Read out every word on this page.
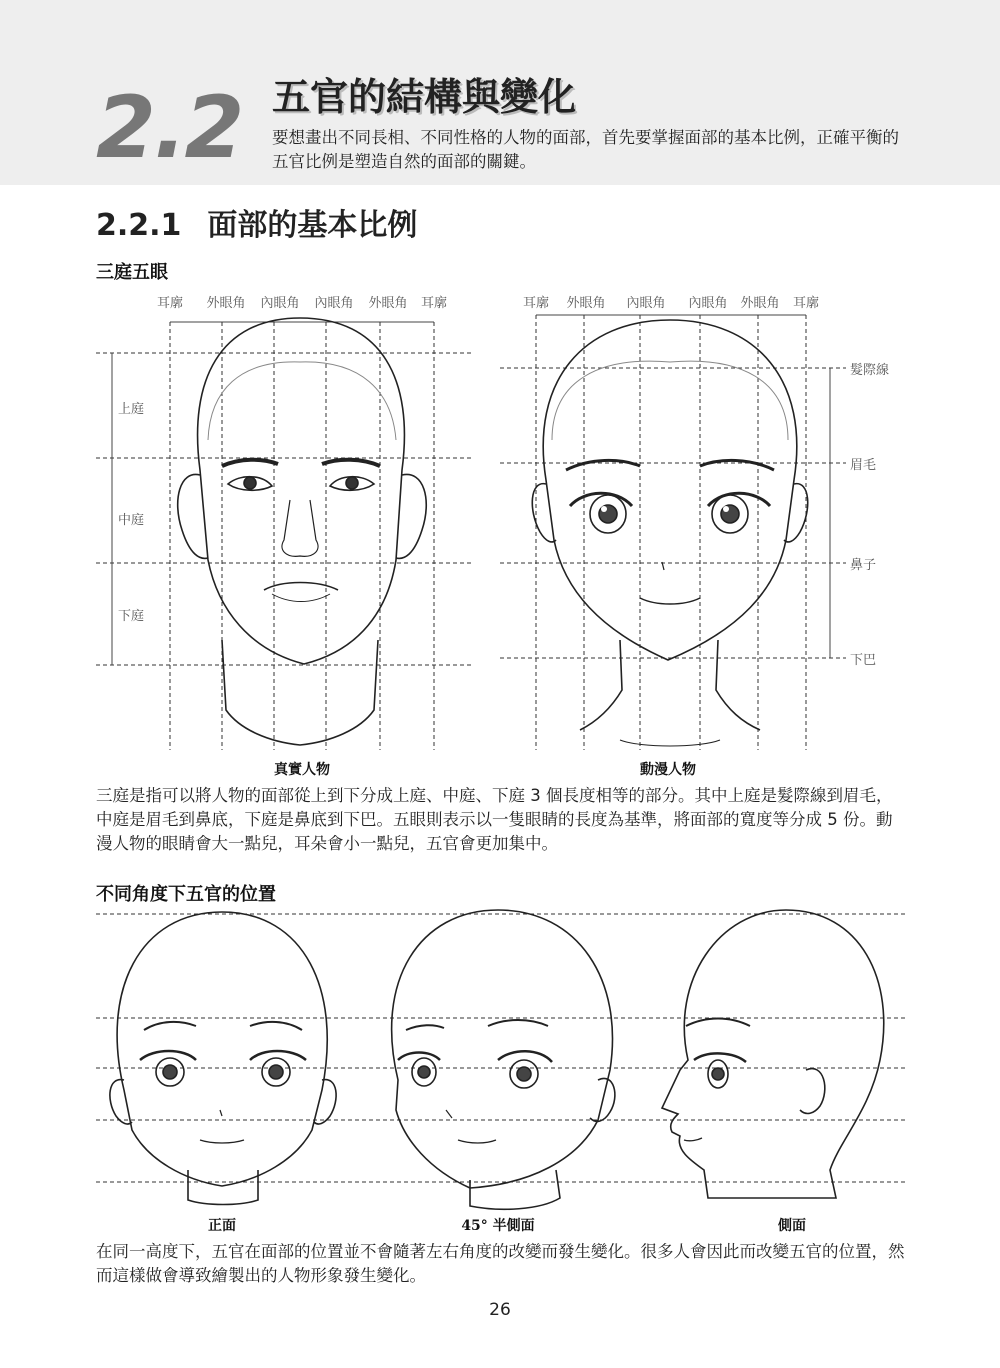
2.2 五官的結構與變化
要想畫出不同長相、不同性格的人物的面部，首先要掌握面部的基本比例，正確平衡的五官比例是塑造自然的面部的關鍵。
2.2.1 面部的基本比例
三庭五眼
耳廓 外眼角 內眼角 內眼角 外眼角 耳廓
上庭
中庭
下庭
真實人物
耳廓 外眼角 內眼角 內眼角 外眼角 耳廓
髮際線
眉毛
鼻子
下巴
動漫人物
三庭是指可以將人物的面部從上到下分成上庭、中庭、下庭 3 個長度相等的部分。其中上庭是髮際線到眉毛，中庭是眉毛到鼻底，下庭是鼻底到下巴。五眼則表示以一隻眼睛的長度為基準，將面部的寬度等分成 5 份。動漫人物的眼睛會大一點兒，耳朵會小一點兒，五官會更加集中。
不同角度下五官的位置
正面	45° 半側面	側面
在同一高度下，五官在面部的位置並不會隨著左右角度的改變而發生變化。很多人會因此而改變五官的位置，然而這樣做會導致繪製出的人物形象發生變化。
26
